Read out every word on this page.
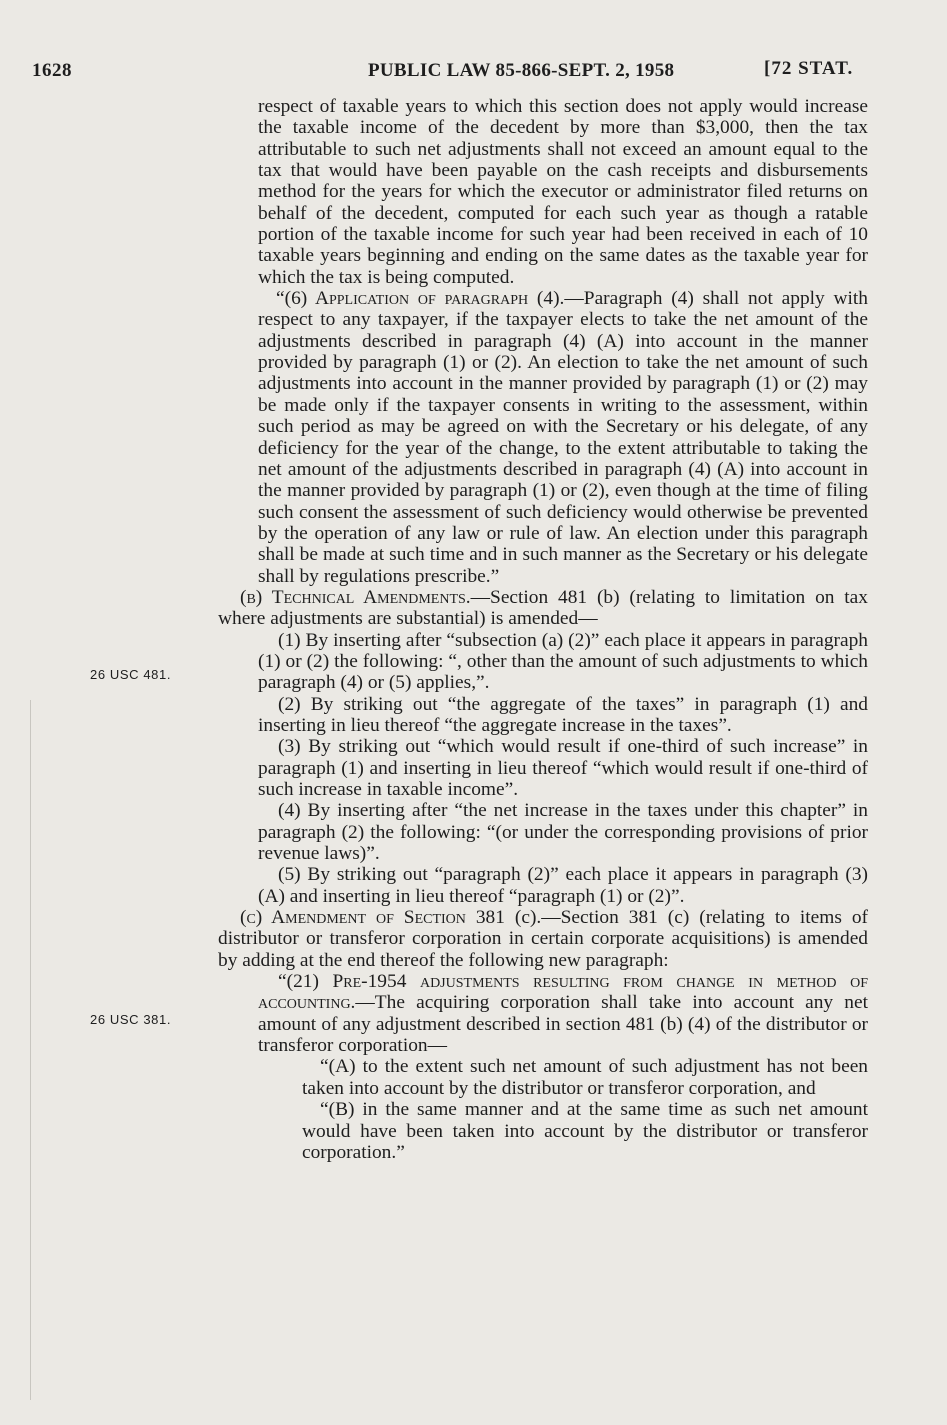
1628	PUBLIC LAW 85-866-SEPT. 2, 1958	[72 STAT.
26 USC 481.
26 USC 381.

respect of taxable years to which this section does not apply would increase the taxable income of the decedent by more than $3,000, then the tax attributable to such net adjustments shall not exceed an amount equal to the tax that would have been payable on the cash receipts and disbursements method for the years for which the executor or administrator filed returns on behalf of the decedent, computed for each such year as though a ratable portion of the taxable income for such year had been received in each of 10 taxable years beginning and ending on the same dates as the taxable year for which the tax is being computed.

“(6) Application of paragraph (4).—Paragraph (4) shall not apply with respect to any taxpayer, if the taxpayer elects to take the net amount of the adjustments described in paragraph (4) (A) into account in the manner provided by paragraph (1) or (2). An election to take the net amount of such adjustments into account in the manner provided by paragraph (1) or (2) may be made only if the taxpayer consents in writing to the assessment, within such period as may be agreed on with the Secretary or his delegate, of any deficiency for the year of the change, to the extent attributable to taking the net amount of the adjustments described in paragraph (4) (A) into account in the manner provided by paragraph (1) or (2), even though at the time of filing such consent the assessment of such deficiency would otherwise be prevented by the operation of any law or rule of law. An election under this paragraph shall be made at such time and in such manner as the Secretary or his delegate shall by regulations prescribe.”

(b) Technical Amendments.—Section 481 (b) (relating to limitation on tax where adjustments are substantial) is amended—

(1) By inserting after “subsection (a) (2)” each place it appears in paragraph (1) or (2) the following: “, other than the amount of such adjustments to which paragraph (4) or (5) applies,”.

(2) By striking out “the aggregate of the taxes” in paragraph (1) and inserting in lieu thereof “the aggregate increase in the taxes”.

(3) By striking out “which would result if one-third of such increase” in paragraph (1) and inserting in lieu thereof “which would result if one-third of such increase in taxable income”.

(4) By inserting after “the net increase in the taxes under this chapter” in paragraph (2) the following: “(or under the corresponding provisions of prior revenue laws)”.

(5) By striking out “paragraph (2)” each place it appears in paragraph (3) (A) and inserting in lieu thereof “paragraph (1) or (2)”.

(c) Amendment of Section 381 (c).—Section 381 (c) (relating to items of distributor or transferor corporation in certain corporate acquisitions) is amended by adding at the end thereof the following new paragraph:

“(21) Pre-1954 adjustments resulting from change in method of accounting.—The acquiring corporation shall take into account any net amount of any adjustment described in section 481 (b) (4) of the distributor or transferor corporation—

“(A) to the extent such net amount of such adjustment has not been taken into account by the distributor or transferor corporation, and

“(B) in the same manner and at the same time as such net amount would have been taken into account by the distributor or transferor corporation.”
